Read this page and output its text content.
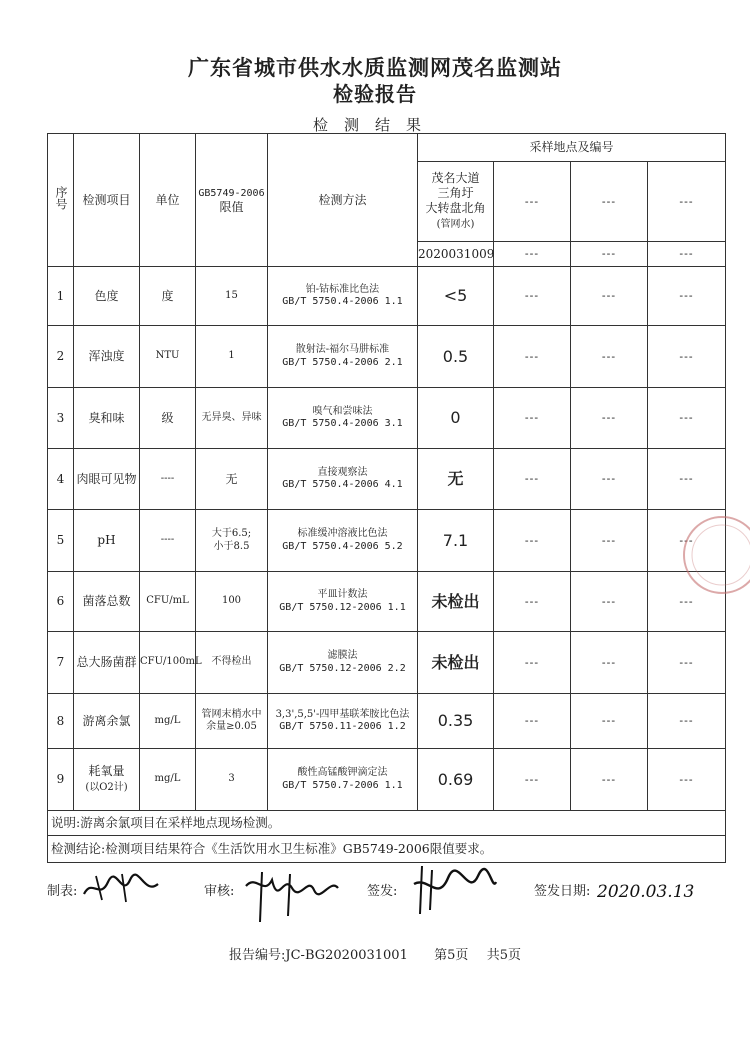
广东省城市供水水质监测网茂名监测站
检验报告
检测结果
序号	检测项目	单位	GB5749-2006
限值	检测方法	采样地点及编号			
					茂名大道
三角圩
大转盘北角
(管网水)	---	---	---
					2020031009	---	---	---
1	色度	度	15	铂-钴标准比色法
GB/T 5750.4-2006 1.1	<5	---	---	---
2	浑浊度	NTU	1	散射法-福尔马肼标准
GB/T 5750.4-2006 2.1	0.5	---	---	---
3	臭和味	级	无异臭、异味	嗅气和尝味法
GB/T 5750.4-2006 3.1	0	---	---	---
4	肉眼可见物	----	无	直接观察法
GB/T 5750.4-2006 4.1	无	---	---	---
5	pH	----	大于6.5;
小于8.5	标准缓冲溶液比色法
GB/T 5750.4-2006 5.2	7.1	---	---	---
6	菌落总数	CFU/mL	100	平皿计数法
GB/T 5750.12-2006 1.1	未检出	---	---	---
7	总大肠菌群	CFU/100mL	不得检出	滤膜法
GB/T 5750.12-2006 2.2	未检出	---	---	---
8	游离余氯	mg/L	管网末梢水中
余量≥0.05	3,3',5,5'-四甲基联苯胺比色法
GB/T 5750.11-2006 1.2	0.35	---	---	---
9	耗氧量
(以O2计)	mg/L	3	酸性高锰酸钾滴定法
GB/T 5750.7-2006 1.1	0.69	---	---	---
说明:游离余氯项目在采样地点现场检测。								
检测结论:检测项目结果符合《生活饮用水卫生标准》GB5749-2006限值要求。								
制表:	审核:	签发:	签发日期: 2020.03.13
报告编号:JC-BG2020031001 第5页 共5页
